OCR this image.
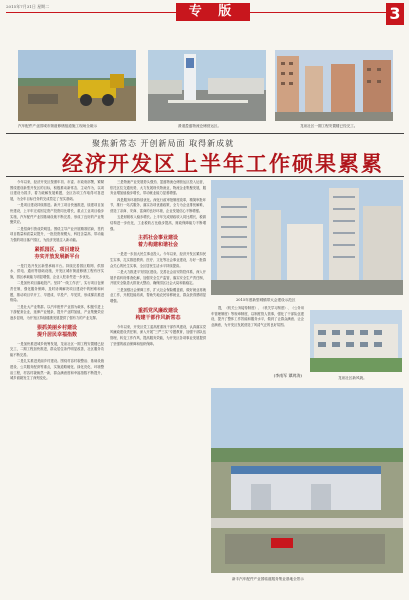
2015年7月31日 星期二	专 版	3
汽车配件产业园城市街道修缮组道施工现场全貌示	滑道盈盛物流仓储营运区。	龙泉社区一期工程安置楼已经完工。
聚焦新常态 开创新局面 取得新成就
经济开发区上半年工作硕果累累

今年以来，经济开发区按照年初、市委、市政府部署，紧紧围绕建设新型开发区的目标，积极推动新常态、主动作为，以项目建设为抓手，着力破解发展难题，全区各项工作取得可喜进展，为全年目标任务的完成奠定了坚实基础。

一是项目建设持续推进。新开工项目快速推进，续建项目加快建设，上半年完成固定资产投资同比增长，重点工业项目稳步实施，汽车配件产业园基础设施不断完善，形成了良好的产业集聚效应。

二是招商引资成效明显。围绕主导产业开展精准招商，签约项目数量和质量双提升，一批投资规模大、科技含量高、带动能力强的项目落户园区，为经济发展注入新动能。

紧抓园区、项目建设
夯实开放发展新平台

一是打造开发区新型承载平台。持续完善园区路网、供排水、供电、通讯等基础设施，开发区城市街道修缮工程有序实施，园区承载能力明显增强，企业入驻条件进一步优化。

二是加快项目落地投产。坚持“一线工作法”，实行项目包保责任制，强化服务保障，及时协调解决项目建设中的困难和问题，推动项目早开工、早建成、早投产、早见效，形成梯次推进格局。

三是壮大产业集群。以汽车配件产业园为载体，积极引进上下游配套企业，延伸产业链条，提升产业附加值，产业集聚效应逐步显现，为开发区持续健康发展提供了强有力的产业支撑。

狠抓美丽乡村建设
提升居民幸福指数

一是加快推进城乡统筹发展，龙泉社区一期工程安置楼已经完工，二期工程加快推进，群众居住条件明显改善，社区服务功能不断完善。

二是扎实推进美丽乡村建设。围绕村容村貌整治、基础设施建设、公共服务配套等重点，实施道路硬化、绿化亮化、环境整治工程，村容村貌焕然一新，群众满意度和幸福指数不断提升，城乡面貌发生了深刻变化。

三是物流产业发展势头强劲，盈盛物流仓储营运区投入运营，依托区位交通优势，大力发展现代物流业，物流企业集聚发展，服务业增加值稳步增长，带动就业能力显著增强。

四是服务环境持续优化。深化行政审批制度改革，精简审批环节，推行一站式服务，落实各项优惠政策，全力为企业排忧解难，营造了亲商、安商、富商的良好环境，企业发展信心不断增强。

五是财税收入稳步增长。上半年完成财政收入同比增长，税源结构进一步优化，工业税收占比稳步提高，财政保障能力不断增强。

主抓社会事业建设
着力构建和谐社会

一是进一步加大民生事业投入。今年以来，经济开发区紧扣民生实事，扎实推进教育、医疗、文化等社会事业建设，办好一批群众关心的民生实事，全区居民生活水平持续提高。

二是大力推进平安园区建设。完善社会治安防控体系，深入开展矛盾纠纷排查化解，加强安全生产监管，落实安全生产责任制，开展安全隐患大排查大整治，确保园区社会大局和谐稳定。

三是加强社会保障工作，扩大社会保险覆盖面，做好就业再就业工作，开展技能培训，帮助失地农民转移就业，群众获得感明显增强。

重抓党风廉政建设
构建干部作风新常态

今年以来，开发区党工委高度重视干部作风建设，认真落实党风廉政建设责任制，深入开展“三严三实”专题教育，加强干部队伍管理，转变工作作风，提高服务效能，为开发区各项事业发展提供了坚强的政治保障和组织保障。

2015年度新型城镇带大会建设示范区

提，《机关公务接待制度》、《机关学习制度》、《公务用车管理制度》等规章制度，以制度管人管事，强化了干部队伍建设，提升了整体工作效能和服务水平，做到了让群众满意、让企业满意，为开发区发展营造了风清气正的良好氛围。

(李南军 谭鸿涛)	龙泉社区新风貌。
新丰汽车配件产业园临道服务集业基地全景示
